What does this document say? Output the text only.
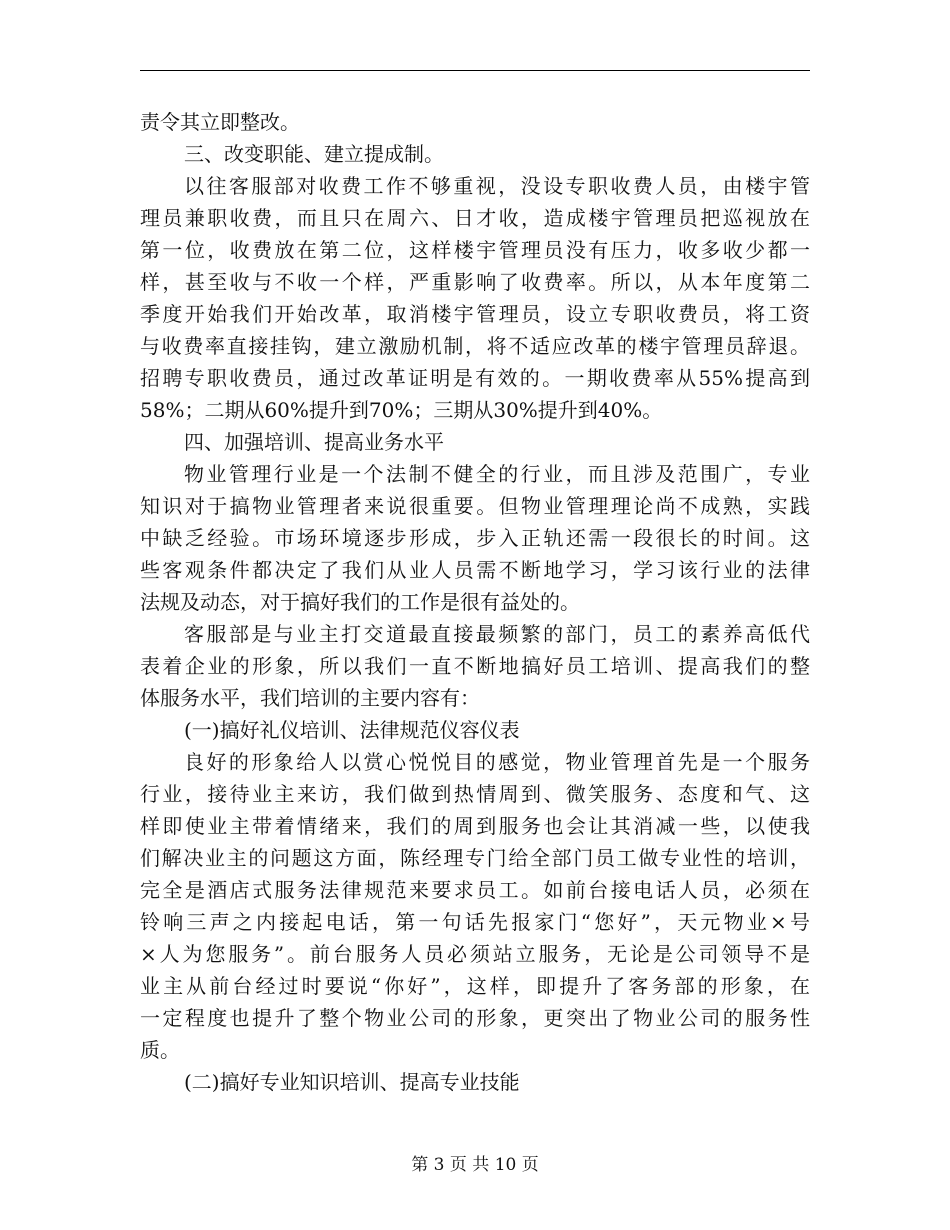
责令其立即整改。
三、改变职能、建立提成制。
以往客服部对收费工作不够重视，没设专职收费人员，由楼宇管
理员兼职收费，而且只在周六、日才收，造成楼宇管理员把巡视放在
第一位，收费放在第二位，这样楼宇管理员没有压力，收多收少都一
样，甚至收与不收一个样，严重影响了收费率。所以，从本年度第二
季度开始我们开始改革，取消楼宇管理员，设立专职收费员，将工资
与收费率直接挂钩，建立激励机制，将不适应改革的楼宇管理员辞退。
招聘专职收费员，通过改革证明是有效的。一期收费率从55%提高到
58%；二期从60%提升到70%；三期从30%提升到40%。
四、加强培训、提高业务水平
物业管理行业是一个法制不健全的行业，而且涉及范围广，专业
知识对于搞物业管理者来说很重要。但物业管理理论尚不成熟，实践
中缺乏经验。市场环境逐步形成，步入正轨还需一段很长的时间。这
些客观条件都决定了我们从业人员需不断地学习，学习该行业的法律
法规及动态，对于搞好我们的工作是很有益处的。
客服部是与业主打交道最直接最频繁的部门，员工的素养高低代
表着企业的形象，所以我们一直不断地搞好员工培训、提高我们的整
体服务水平，我们培训的主要内容有：
(一)搞好礼仪培训、法律规范仪容仪表
良好的形象给人以赏心悦悦目的感觉，物业管理首先是一个服务
行业，接待业主来访，我们做到热情周到、微笑服务、态度和气、这
样即使业主带着情绪来，我们的周到服务也会让其消减一些，以使我
们解决业主的问题这方面，陈经理专门给全部门员工做专业性的培训，
完全是酒店式服务法律规范来要求员工。如前台接电话人员，必须在
铃响三声之内接起电话，第一句话先报家门“您好”，天元物业×号
×人为您服务”。前台服务人员必须站立服务，无论是公司领导不是
业主从前台经过时要说“你好”，这样，即提升了客务部的形象，在
一定程度也提升了整个物业公司的形象，更突出了物业公司的服务性
质。
(二)搞好专业知识培训、提高专业技能
第 3 页 共 10 页
